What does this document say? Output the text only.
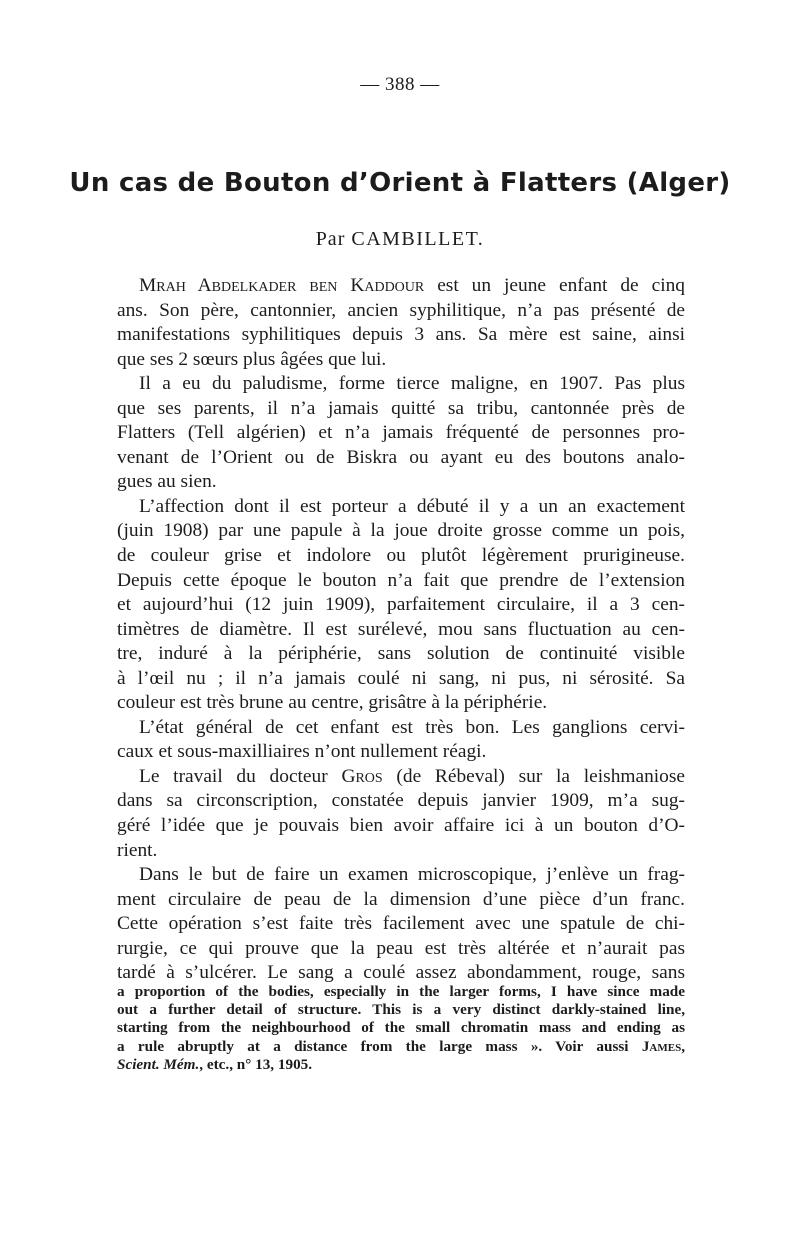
— 388 —
Un cas de Bouton d’Orient à Flatters (Alger)
Par CAMBILLET.
Mrah Abdelkader ben Kaddour est un jeune enfant de cinq
ans. Son père, cantonnier, ancien syphilitique, n’a pas présenté de
manifestations syphilitiques depuis 3 ans. Sa mère est saine, ainsi
que ses 2 sœurs plus âgées que lui.
Il a eu du paludisme, forme tierce maligne, en 1907. Pas plus
que ses parents, il n’a jamais quitté sa tribu, cantonnée près de
Flatters (Tell algérien) et n’a jamais fréquenté de personnes pro-
venant de l’Orient ou de Biskra ou ayant eu des boutons analo-
gues au sien.
L’affection dont il est porteur a débuté il y a un an exactement
(juin 1908) par une papule à la joue droite grosse comme un pois,
de couleur grise et indolore ou plutôt légèrement prurigineuse.
Depuis cette époque le bouton n’a fait que prendre de l’extension
et aujourd’hui (12 juin 1909), parfaitement circulaire, il a 3 cen-
timètres de diamètre. Il est surélevé, mou sans fluctuation au cen-
tre, induré à la périphérie, sans solution de continuité visible
à l’œil nu ; il n’a jamais coulé ni sang, ni pus, ni sérosité. Sa
couleur est très brune au centre, grisâtre à la périphérie.
L’état général de cet enfant est très bon. Les ganglions cervi-
caux et sous-maxilliaires n’ont nullement réagi.
Le travail du docteur Gros (de Rébeval) sur la leishmaniose
dans sa circonscription, constatée depuis janvier 1909, m’a sug-
géré l’idée que je pouvais bien avoir affaire ici à un bouton d’O-
rient.
Dans le but de faire un examen microscopique, j’enlève un frag-
ment circulaire de peau de la dimension d’une pièce d’un franc.
Cette opération s’est faite très facilement avec une spatule de chi-
rurgie, ce qui prouve que la peau est très altérée et n’aurait pas
tardé à s’ulcérer. Le sang a coulé assez abondamment, rouge, sans
a proportion of the bodies, especially in the larger forms, I have since made
out a further detail of structure. This is a very distinct darkly-stained line,
starting from the neighbourhood of the small chromatin mass and ending as
a rule abruptly at a distance from the large mass ». Voir aussi James,
Scient. Mém., etc., n° 13, 1905.
